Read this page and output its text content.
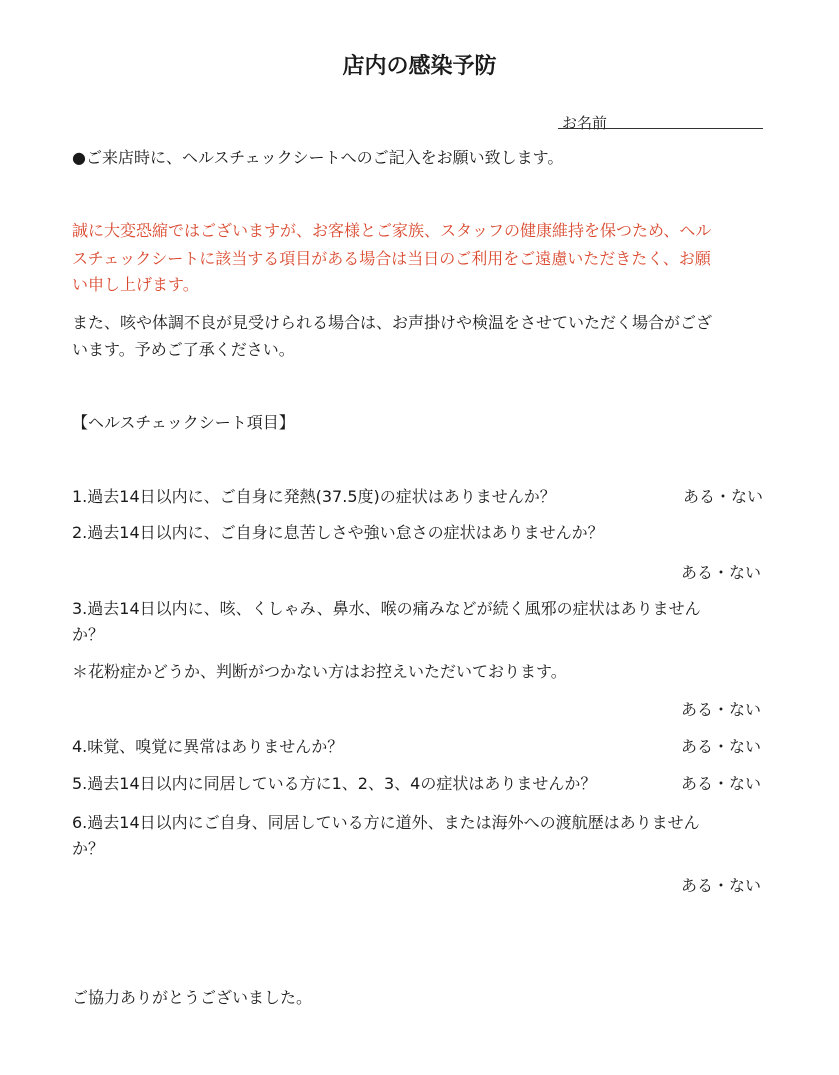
店内の感染予防
お名前
●ご来店時に、ヘルスチェックシートへのご記入をお願い致します。
誠に大変恐縮ではございますが、お客様とご家族、スタッフの健康維持を保つため、ヘル
スチェックシートに該当する項目がある場合は当日のご利用をご遠慮いただきたく、お願
い申し上げます。
また、咳や体調不良が見受けられる場合は、お声掛けや検温をさせていただく場合がござ
います。予めご了承ください。
【ヘルスチェックシート項目】
1.過去14日以内に、ご自身に発熱(37.5度)の症状はありませんか？	ある・ない
2.過去14日以内に、ご自身に息苦しさや強い怠さの症状はありませんか？
ある・ない
3.過去14日以内に、咳、くしゃみ、鼻水、喉の痛みなどが続く風邪の症状はありません
か？
＊花粉症かどうか、判断がつかない方はお控えいただいております。
ある・ない
4.味覚、嗅覚に異常はありませんか？	ある・ない
5.過去14日以内に同居している方に1、2、3、4の症状はありませんか？	ある・ない
6.過去14日以内にご自身、同居している方に道外、または海外への渡航歴はありません
か？
ある・ない
ご協力ありがとうございました。
